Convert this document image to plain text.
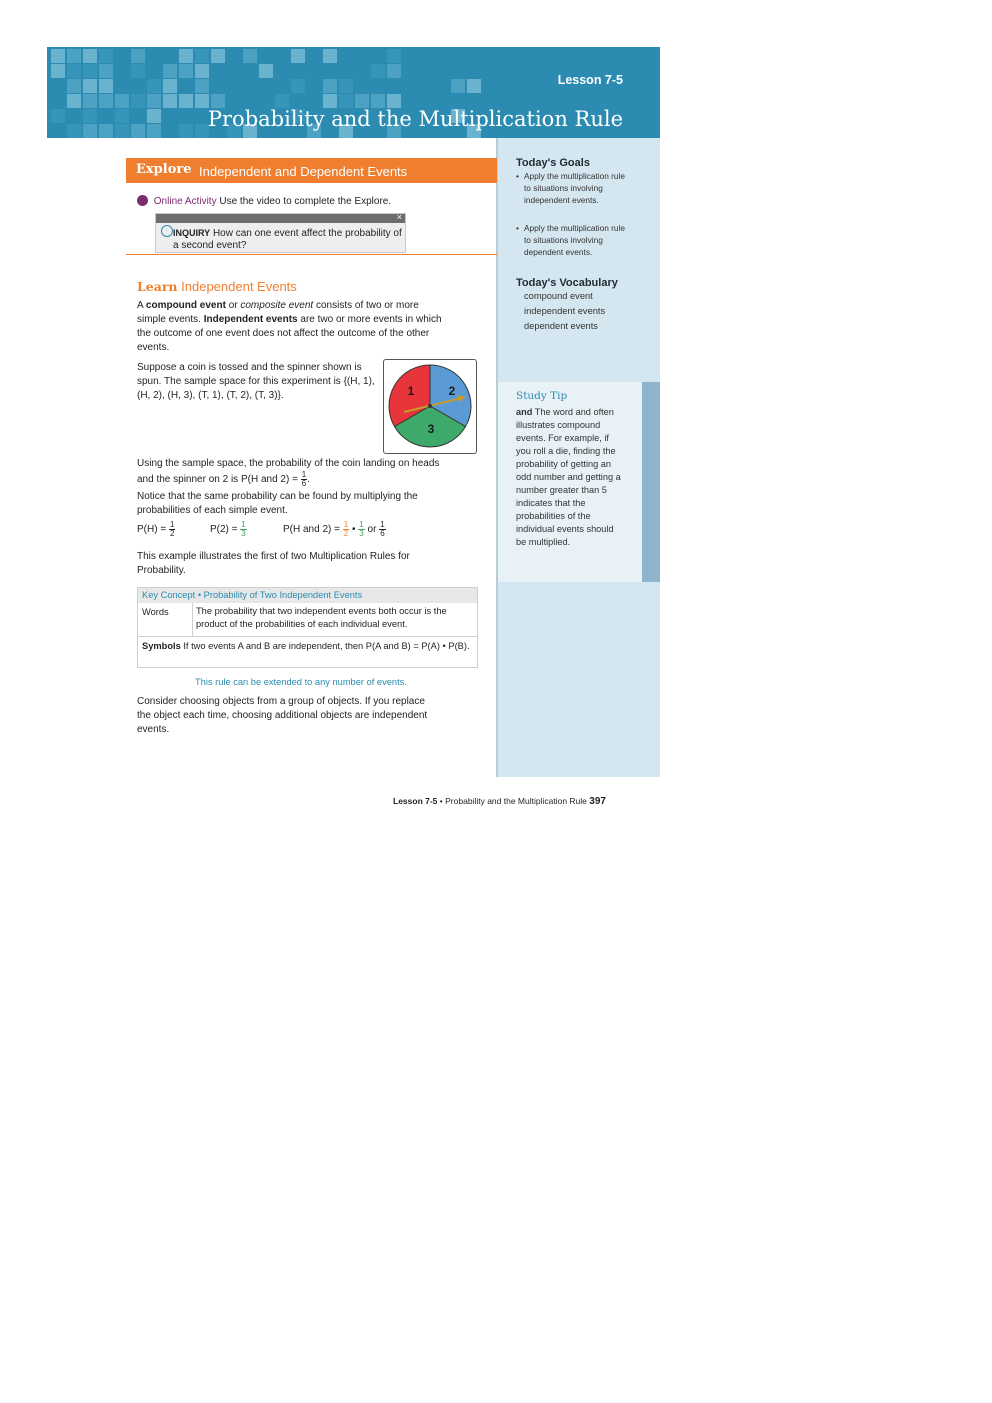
Lesson 7-5
Probability and the Multiplication Rule
Today's Goals
• Apply the multiplication rule to situations involving independent events.
• Apply the multiplication rule to situations involving dependent events.
Today's Vocabulary
compound event
independent events
dependent events
Study Tip
and The word and often illustrates compound events. For example, if you roll a die, finding the probability of getting an odd number and getting a number greater than 5 indicates that the probabilities of the individual events should be multiplied.
Explore Independent and Dependent Events
Online Activity Use the video to complete the Explore.
×
INQUIRY How can one event affect the probability of a second event?
Learn Independent Events
A compound event or composite event consists of two or more simple events. Independent events are two or more events in which the outcome of one event does not affect the outcome of the other events.
Suppose a coin is tossed and the spinner shown is spun. The sample space for this experiment is {(H, 1), (H, 2), (H, 3), (T, 1), (T, 2), (T, 3)}.	1	2
3
Using the sample space, the probability of the coin landing on heads and the spinner on 2 is P(H and $2) = \frac{1}{6}$ .
Notice that the same probability can be found by multiplying the probabilities of each simple event.
$P(H) = \frac{1}{2}$	$P(2) = \frac{1}{3}$	P(H and $2) = \frac{1}{2}$ • $\frac{1}{3}$ or $\frac{1}{6}$
This example illustrates the first of two Multiplication Rules for Probability.
Key Concept • Probability of Two Independent Events
Words	The probability that two independent events both occur is the product of the probabilities of each individual event.
Symbols If two events A and B are independent, then P(A and B) = P(A) • P(B).
This rule can be extended to any number of events.
Consider choosing objects from a group of objects. If you replace the object each time, choosing additional objects are independent events.
Lesson 7-5 • Probability and the Multiplication Rule 397
